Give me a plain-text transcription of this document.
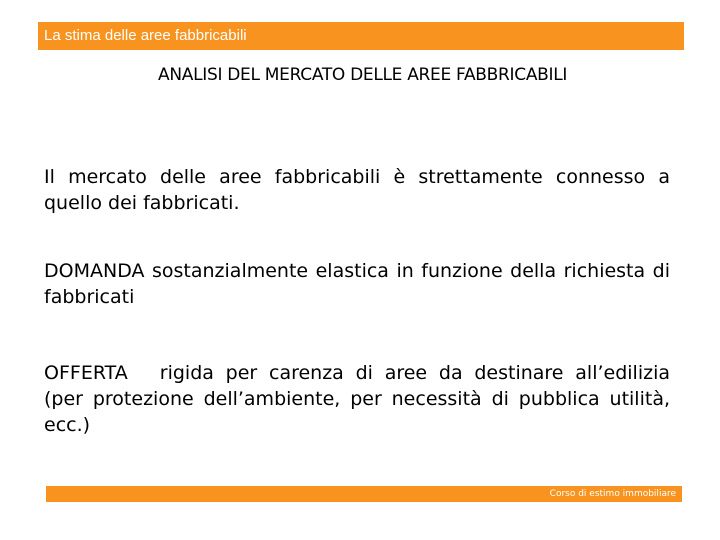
La stima delle aree fabbricabili
ANALISI DEL MERCATO DELLE AREE FABBRICABILI
Il mercato delle aree fabbricabili è strettamente connesso a quello dei fabbricati.
DOMANDA sostanzialmente elastica in funzione della richiesta di fabbricati
OFFERTA rigida per carenza di aree da destinare all’edilizia (per protezione dell’ambiente, per necessità di pubblica utilità, ecc.)
Corso di estimo immobiliare
